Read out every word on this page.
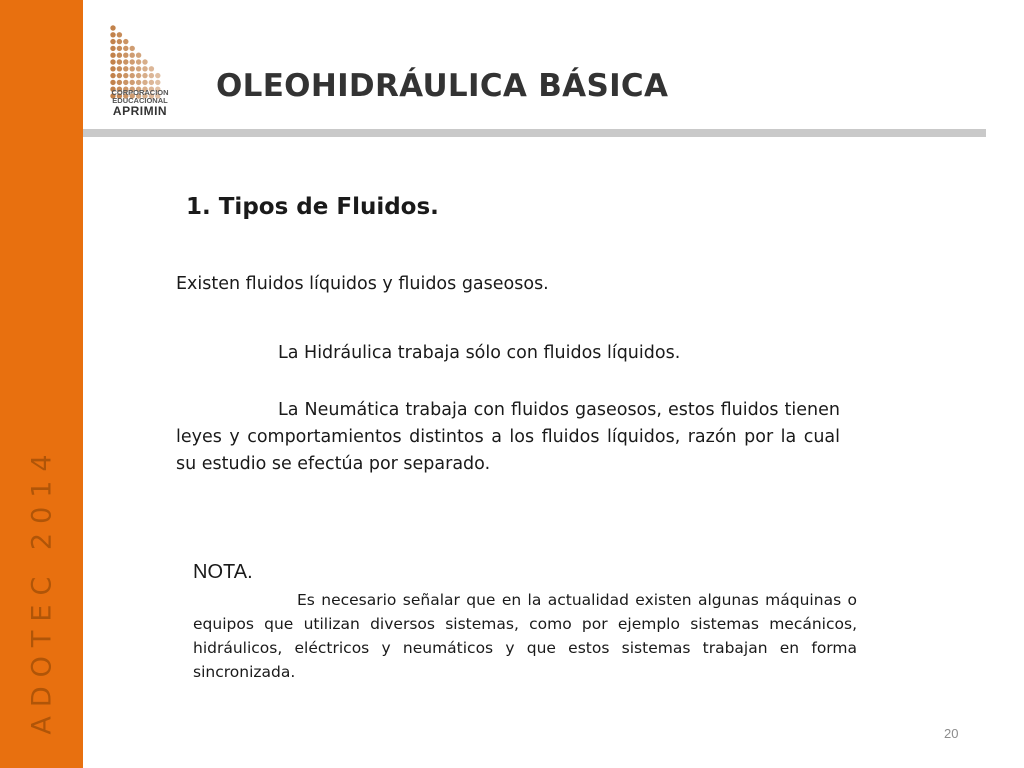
ADOTEC 2014
CORPORACION
EDUCACIONAL
APRIMIN
OLEOHIDRÁULICA BÁSICA
1. Tipos de Fluidos.
Existen fluidos líquidos y fluidos gaseosos.
La Hidráulica trabaja sólo con fluidos líquidos.

La Neumática trabaja con fluidos gaseosos, estos fluidos tienen leyes y comportamientos distintos a los fluidos líquidos, razón por la cual su estudio se efectúa por separado.

NOTA.

Es necesario señalar que en la actualidad existen algunas máquinas o equipos que utilizan diversos sistemas, como por ejemplo sistemas mecánicos, hidráulicos, eléctricos y neumáticos y que estos sistemas trabajan en forma sincronizada.

20
